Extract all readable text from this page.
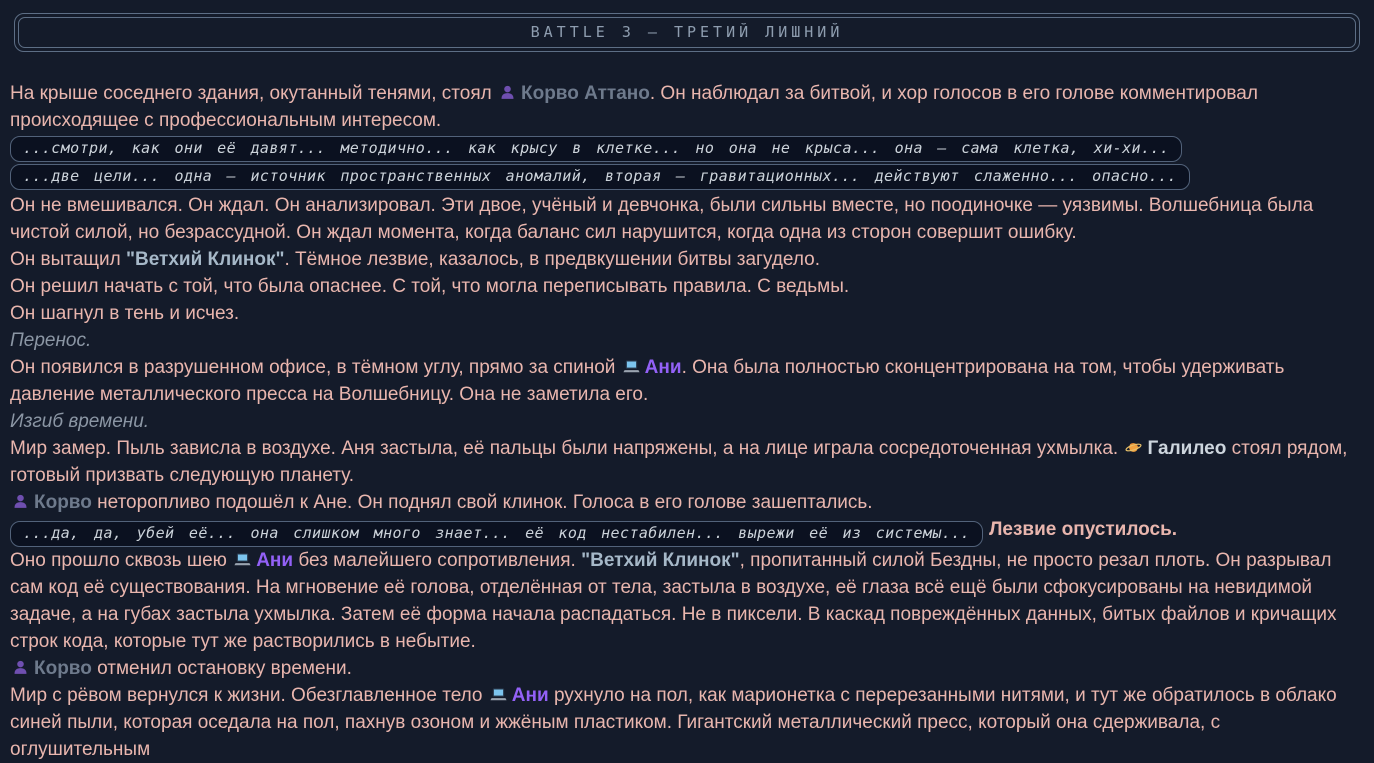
BATTLE 3 — ТРЕТИЙ ЛИШНИЙ

На крыше соседнего здания, окутанный тенями, стоял Корво Аттано. Он наблюдал за битвой, и хор голосов в его голове комментировал происходящее с профессиональным интересом.

...смотри, как они её давят... методично... как крысу в клетке... но она не крыса... она — сама клетка, хи-хи...
...две цели... одна — источник пространственных аномалий, вторая — гравитационных... действуют слаженно... опасно...

Он не вмешивался. Он ждал. Он анализировал. Эти двое, учёный и девчонка, были сильны вместе, но поодиночке — уязвимы. Волшебница была чистой силой, но безрассудной. Он ждал момента, когда баланс сил нарушится, когда одна из сторон совершит ошибку.

Он вытащил "Ветхий Клинок". Тёмное лезвие, казалось, в предвкушении битвы загудело.

Он решил начать с той, что была опаснее. С той, что могла переписывать правила. С ведьмы.

Он шагнул в тень и исчез.

Перенос.

Он появился в разрушенном офисе, в тёмном углу, прямо за спиной Ани. Она была полностью сконцентрирована на том, чтобы удерживать давление металлического пресса на Волшебницу. Она не заметила его.

Изгиб времени.

Мир замер. Пыль зависла в воздухе. Аня застыла, её пальцы были напряжены, а на лице играла сосредоточенная ухмылка. Галилео стоял рядом, готовый призвать следующую планету.

Корво неторопливо подошёл к Ане. Он поднял свой клинок. Голоса в его голове зашептались.

...да, да, убей её... она слишком много знает... её код нестабилен... вырежи её из системы... Лезвие опустилось.

Оно прошло сквозь шею Ани без малейшего сопротивления. "Ветхий Клинок", пропитанный силой Бездны, не просто резал плоть. Он разрывал сам код её существования. На мгновение её голова, отделённая от тела, застыла в воздухе, её глаза всё ещё были сфокусированы на невидимой задаче, а на губах застыла ухмылка. Затем её форма начала распадаться. Не в пиксели. В каскад повреждённых данных, битых файлов и кричащих строк кода, которые тут же растворились в небытие.

Корво отменил остановку времени.

Мир с рёвом вернулся к жизни. Обезглавленное тело Ани рухнуло на пол, как марионетка с перерезанными нитями, и тут же обратилось в облако синей пыли, которая оседала на пол, пахнув озоном и жжёным пластиком. Гигантский металлический пресс, который она сдерживала, с оглушительным
